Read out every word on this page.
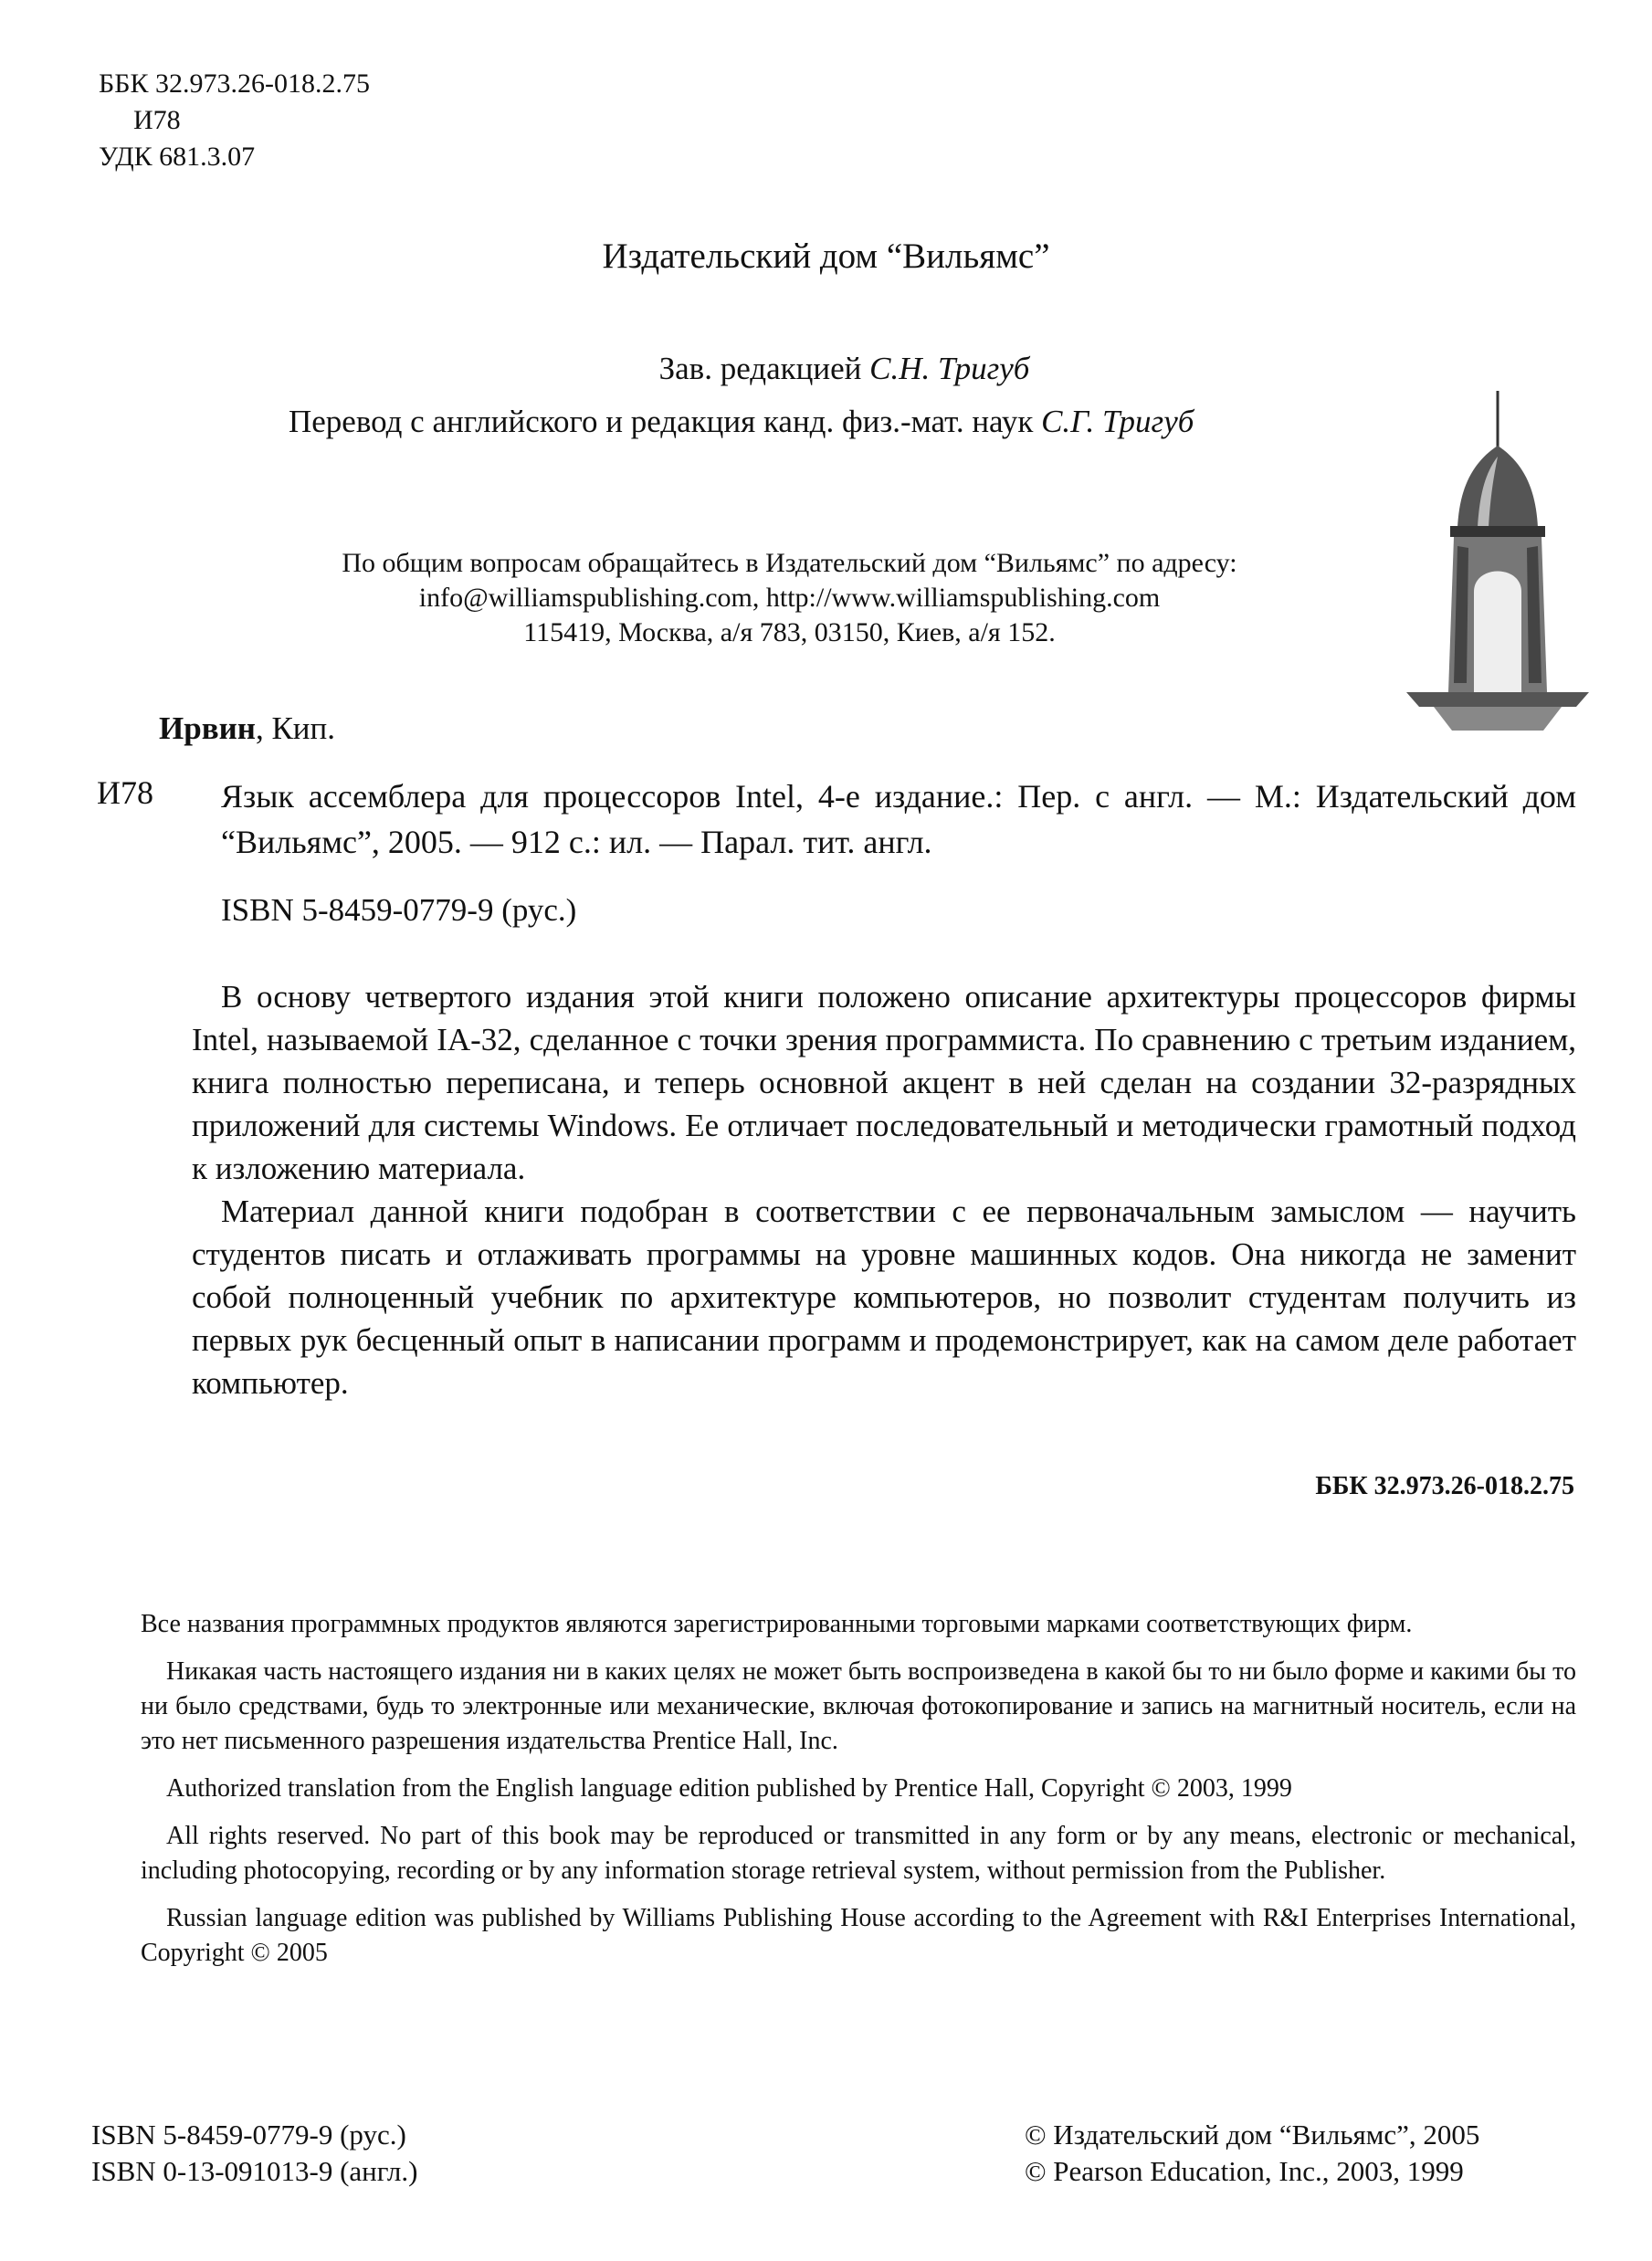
ББК 32.973.26-018.2.75
И78
УДК 681.3.07
Издательский дом “Вильямс”
Зав. редакцией С.Н. Тригуб
Перевод с английского и редакция канд. физ.-мат. наук С.Г. Тригуб
По общим вопросам обращайтесь в Издательский дом “Вильямс” по адресу:
info@williamspublishing.com, http://www.williamspublishing.com
115419, Москва, а/я 783, 03150, Киев, а/я 152.
Ирвин, Кип.
И78 Язык ассемблера для процессоров Intel, 4-е издание.: Пер. с англ. — М.: Издательский дом “Вильямс”, 2005. — 912 с.: ил. — Парал. тит. англ.
ISBN 5-8459-0779-9 (рус.)

В основу четвертого издания этой книги положено описание архитектуры процессоров фирмы Intel, называемой IA-32, сделанное с точки зрения программиста. По сравнению с третьим изданием, книга полностью переписана, и теперь основной акцент в ней сделан на создании 32-разрядных приложений для системы Windows. Ее отличает последовательный и методически грамотный подход к изложению материала.

Материал данной книги подобран в соответствии с ее первоначальным замыслом — научить студентов писать и отлаживать программы на уровне машинных кодов. Она никогда не заменит собой полноценный учебник по архитектуре компьютеров, но позволит студентам получить из первых рук бесценный опыт в написании программ и продемонстрирует, как на самом деле работает компьютер.

ББК 32.973.26-018.2.75

Все названия программных продуктов являются зарегистрированными торговыми марками соответствующих фирм.

Никакая часть настоящего издания ни в каких целях не может быть воспроизведена в какой бы то ни было форме и какими бы то ни было средствами, будь то электронные или механические, включая фотокопирование и запись на магнитный носитель, если на это нет письменного разрешения издательства Prentice Hall, Inc.

Authorized translation from the English language edition published by Prentice Hall, Copyright © 2003, 1999

All rights reserved. No part of this book may be reproduced or transmitted in any form or by any means, electronic or mechanical, including photocopying, recording or by any information storage retrieval system, without permission from the Publisher.

Russian language edition was published by Williams Publishing House according to the Agreement with R&I Enterprises International, Copyright © 2005

ISBN 5-8459-0779-9 (рус.)
ISBN 0-13-091013-9 (англ.)
© Издательский дом “Вильямс”, 2005
© Pearson Education, Inc., 2003, 1999
